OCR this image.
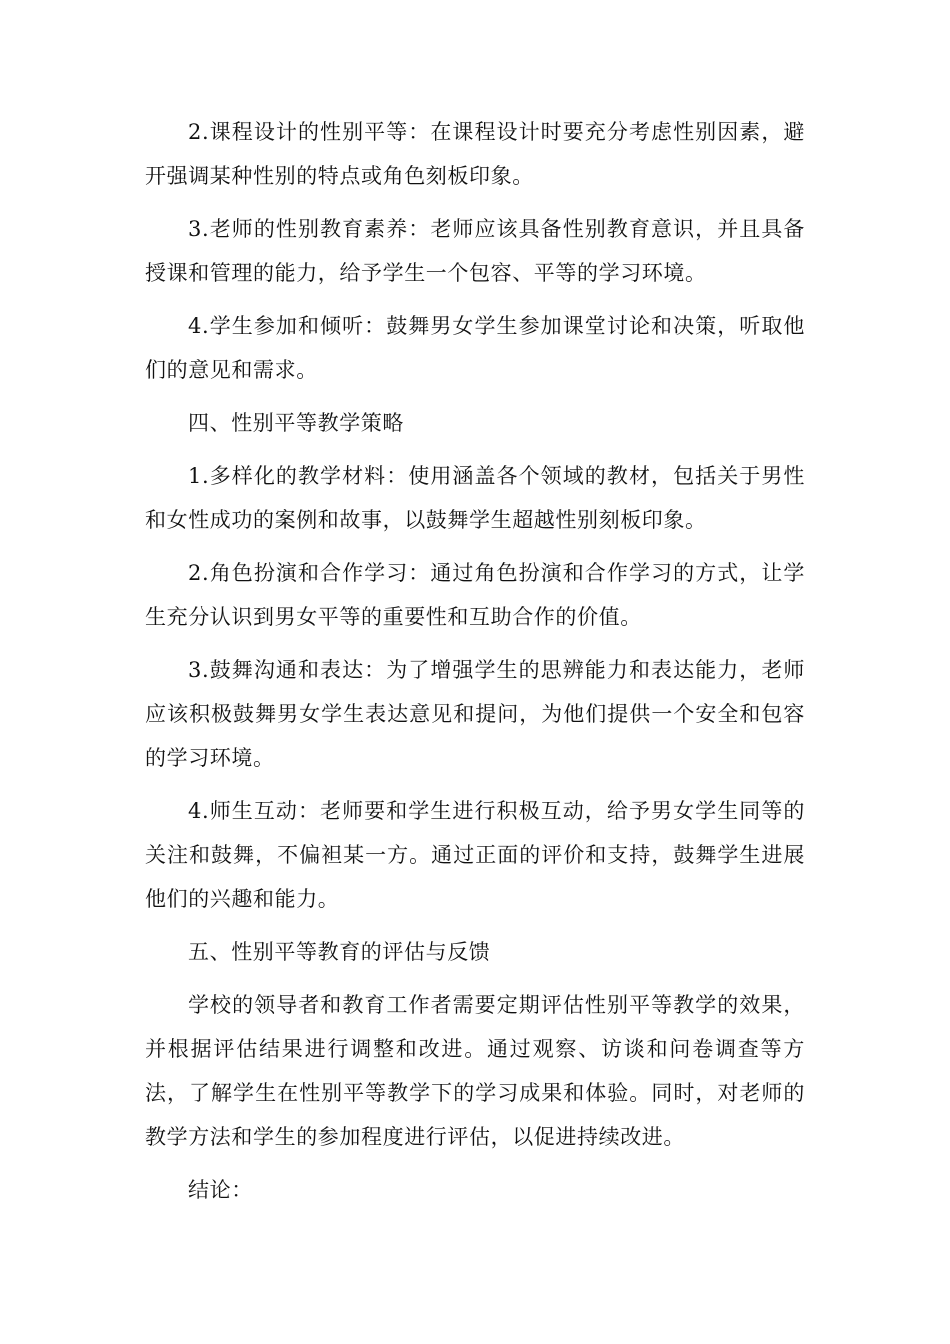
2.课程设计的性别平等：在课程设计时要充分考虑性别因素，避开强调某种性别的特点或角色刻板印象。

3.老师的性别教育素养：老师应该具备性别教育意识，并且具备授课和管理的能力，给予学生一个包容、平等的学习环境。

4.学生参加和倾听：鼓舞男女学生参加课堂讨论和决策，听取他们的意见和需求。

四、性别平等教学策略

1.多样化的教学材料：使用涵盖各个领域的教材，包括关于男性和女性成功的案例和故事，以鼓舞学生超越性别刻板印象。

2.角色扮演和合作学习：通过角色扮演和合作学习的方式，让学生充分认识到男女平等的重要性和互助合作的价值。

3.鼓舞沟通和表达：为了增强学生的思辨能力和表达能力，老师应该积极鼓舞男女学生表达意见和提问，为他们提供一个安全和包容的学习环境。

4.师生互动：老师要和学生进行积极互动，给予男女学生同等的关注和鼓舞，不偏袒某一方。通过正面的评价和支持，鼓舞学生进展他们的兴趣和能力。

五、性别平等教育的评估与反馈

学校的领导者和教育工作者需要定期评估性别平等教学的效果，并根据评估结果进行调整和改进。通过观察、访谈和问卷调查等方法，了解学生在性别平等教学下的学习成果和体验。同时，对老师的教学方法和学生的参加程度进行评估，以促进持续改进。

结论：
